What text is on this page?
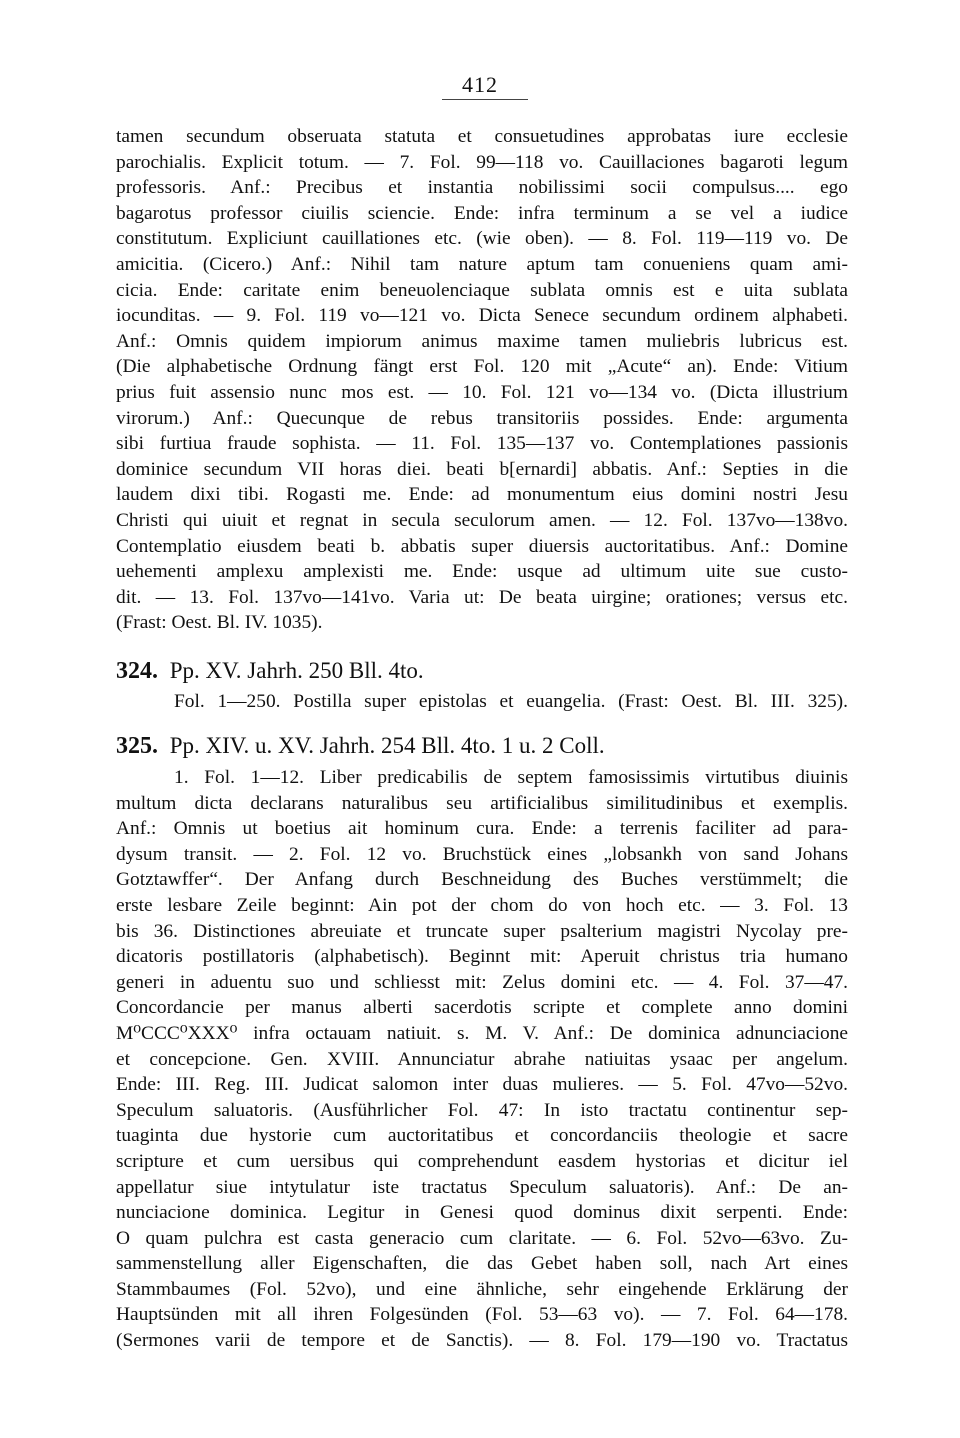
412
tamen secundum obseruata statuta et consuetudines approbatas iure ecclesie
parochialis. Explicit totum. — 7. Fol. 99—118 vo. Cauillaciones bagaroti legum
professoris. Anf.: Precibus et instantia nobilissimi socii compulsus.... ego
bagarotus professor ciuilis sciencie. Ende: infra terminum a se vel a iudice
constitutum. Expliciunt cauillationes etc. (wie oben). — 8. Fol. 119—119 vo. De
amicitia. (Cicero.) Anf.: Nihil tam nature aptum tam conueniens quam ami-
cicia. Ende: caritate enim beneuolenciaque sublata omnis est e uita sublata
iocunditas. — 9. Fol. 119 vo—121 vo. Dicta Senece secundum ordinem alphabeti.
Anf.: Omnis quidem impiorum animus maxime tamen muliebris lubricus est.
(Die alphabetische Ordnung fängt erst Fol. 120 mit „Acute“ an). Ende: Vitium
prius fuit assensio nunc mos est. — 10. Fol. 121 vo—134 vo. (Dicta illustrium
virorum.) Anf.: Quecunque de rebus transitoriis possides. Ende: argumenta
sibi furtiua fraude sophista. — 11. Fol. 135—137 vo. Contemplationes passionis
dominice secundum VII horas diei. beati b[ernardi] abbatis. Anf.: Septies in die
laudem dixi tibi. Rogasti me. Ende: ad monumentum eius domini nostri Jesu
Christi qui uiuit et regnat in secula seculorum amen. — 12. Fol. 137vo—138vo.
Contemplatio eiusdem beati b. abbatis super diuersis auctoritatibus. Anf.: Domine
uehementi amplexu amplexisti me. Ende: usque ad ultimum uite sue custo-
dit. — 13. Fol. 137vo—141vo. Varia ut: De beata uirgine; orationes; versus etc.
(Frast: Oest. Bl. IV. 1035).
324. Pp. XV. Jahrh. 250 Bll. 4to.
Fol. 1—250. Postilla super epistolas et euangelia. (Frast: Oest. Bl. III. 325).
325. Pp. XIV. u. XV. Jahrh. 254 Bll. 4to. 1 u. 2 Coll.
1. Fol. 1—12. Liber predicabilis de septem famosissimis virtutibus diuinis
multum dicta declarans naturalibus seu artificialibus similitudinibus et exemplis.
Anf.: Omnis ut boetius ait hominum cura. Ende: a terrenis faciliter ad para-
dysum transit. — 2. Fol. 12 vo. Bruchstück eines „lobsankh von sand Johans
Gotztawffer“. Der Anfang durch Beschneidung des Buches verstümmelt; die
erste lesbare Zeile beginnt: Ain pot der chom do von hoch etc. — 3. Fol. 13
bis 36. Distinctiones abreuiate et truncate super psalterium magistri Nycolay pre-
dicatoris postillatoris (alphabetisch). Beginnt mit: Aperuit christus tria humano
generi in aduentu suo und schliesst mit: Zelus domini etc. — 4. Fol. 37—47.
Concordancie per manus alberti sacerdotis scripte et complete anno domini
M⁰CCC⁰XXX⁰ infra octauam natiuit. s. M. V. Anf.: De dominica adnunciacione
et concepcione. Gen. XVIII. Annunciatur abrahe natiuitas ysaac per angelum.
Ende: III. Reg. III. Judicat salomon inter duas mulieres. — 5. Fol. 47vo—52vo.
Speculum saluatoris. (Ausführlicher Fol. 47: In isto tractatu continentur sep-
tuaginta due hystorie cum auctoritatibus et concordanciis theologie et sacre
scripture et cum uersibus qui comprehendunt easdem hystorias et dicitur iel
appellatur siue intytulatur iste tractatus Speculum saluatoris). Anf.: De an-
nunciacione dominica. Legitur in Genesi quod dominus dixit serpenti. Ende:
O quam pulchra est casta generacio cum claritate. — 6. Fol. 52vo—63vo. Zu-
sammenstellung aller Eigenschaften, die das Gebet haben soll, nach Art eines
Stammbaumes (Fol. 52vo), und eine ähnliche, sehr eingehende Erklärung der
Hauptsünden mit all ihren Folgesünden (Fol. 53—63 vo). — 7. Fol. 64—178.
(Sermones varii de tempore et de Sanctis). — 8. Fol. 179—190 vo. Tractatus
